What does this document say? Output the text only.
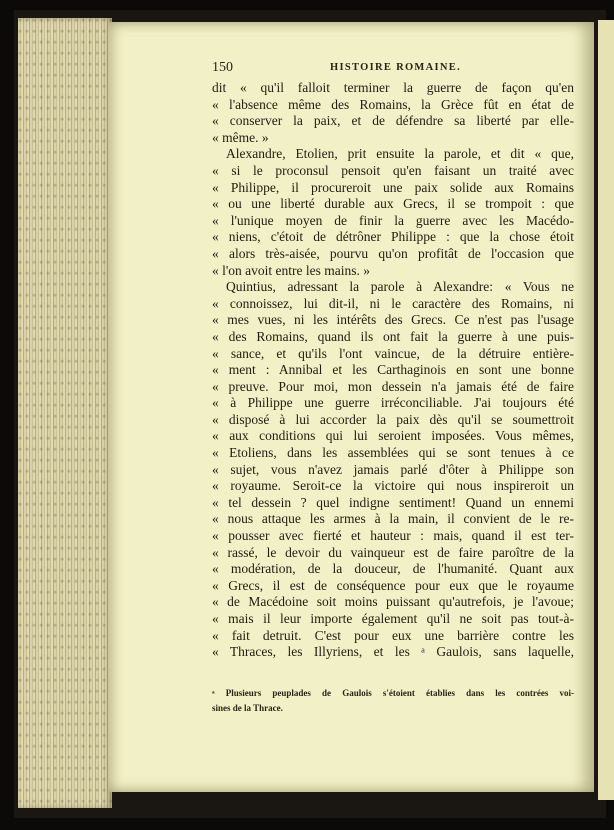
150	HISTOIRE ROMAINE.
dit « qu'il falloit terminer la guerre de façon qu'en
« l'absence même des Romains, la Grèce fût en état de
« conserver la paix, et de défendre sa liberté par elle-
« même. »
Alexandre, Etolien, prit ensuite la parole, et dit « que,
« si le proconsul pensoit qu'en faisant un traité avec
« Philippe, il procureroit une paix solide aux Romains
« ou une liberté durable aux Grecs, il se trompoit : que
« l'unique moyen de finir la guerre avec les Macédo-
« niens, c'étoit de détrôner Philippe : que la chose étoit
« alors très-aisée, pourvu qu'on profitât de l'occasion que
« l'on avoit entre les mains. »
Quintius, adressant la parole à Alexandre: « Vous ne
« connoissez, lui dit-il, ni le caractère des Romains, ni
« mes vues, ni les intérêts des Grecs. Ce n'est pas l'usage
« des Romains, quand ils ont fait la guerre à une puis-
« sance, et qu'ils l'ont vaincue, de la détruire entière-
« ment : Annibal et les Carthaginois en sont une bonne
« preuve. Pour moi, mon dessein n'a jamais été de faire
« à Philippe une guerre irréconciliable. J'ai toujours été
« disposé à lui accorder la paix dès qu'il se soumettroit
« aux conditions qui lui seroient imposées. Vous mêmes,
« Etoliens, dans les assemblées qui se sont tenues à ce
« sujet, vous n'avez jamais parlé d'ôter à Philippe son
« royaume. Seroit-ce la victoire qui nous inspireroit un
« tel dessein ? quel indigne sentiment! Quand un ennemi
« nous attaque les armes à la main, il convient de le re-
« pousser avec fierté et hauteur : mais, quand il est ter-
« rassé, le devoir du vainqueur est de faire paroître de la
« modération, de la douceur, de l'humanité. Quant aux
« Grecs, il est de conséquence pour eux que le royaume
« de Macédoine soit moins puissant qu'autrefois, je l'avoue;
« mais il leur importe également qu'il ne soit pas tout-à-
« fait detruit. C'est pour eux une barrière contre les
« Thraces, les Illyriens, et les ᵃ Gaulois, sans laquelle,
ᵃ Plusieurs peuplades de Gaulois s'étoient établies dans les contrées voi-
sines de la Thrace.
